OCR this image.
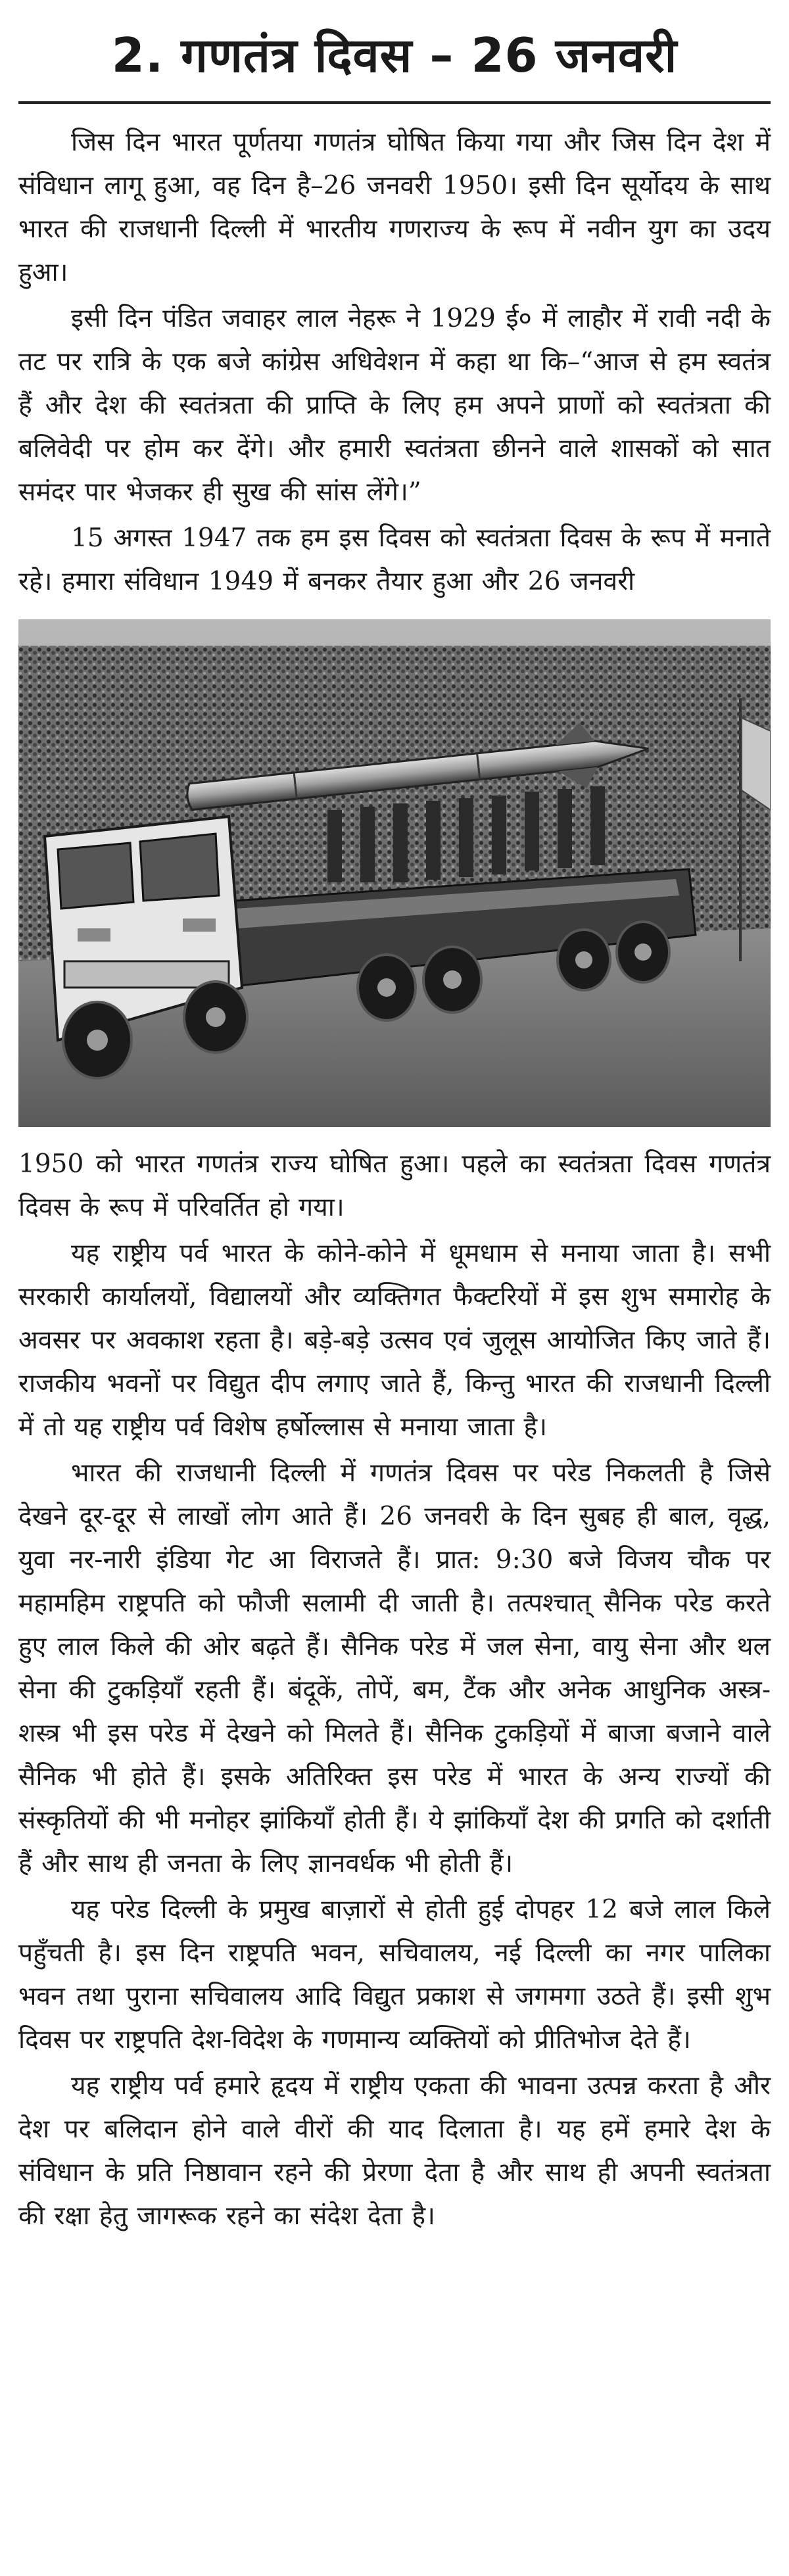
2. गणतंत्र दिवस – 26 जनवरी

जिस दिन भारत पूर्णतया गणतंत्र घोषित किया गया और जिस दिन देश में संविधान लागू हुआ, वह दिन है–26 जनवरी 1950। इसी दिन सूर्योदय के साथ भारत की राजधानी दिल्ली में भारतीय गणराज्य के रूप में नवीन युग का उदय हुआ।

इसी दिन पंडित जवाहर लाल नेहरू ने 1929 ई० में लाहौर में रावी नदी के तट पर रात्रि के एक बजे कांग्रेस अधिवेशन में कहा था कि–“आज से हम स्वतंत्र हैं और देश की स्वतंत्रता की प्राप्ति के लिए हम अपने प्राणों को स्वतंत्रता की बलिवेदी पर होम कर देंगे। और हमारी स्वतंत्रता छीनने वाले शासकों को सात समंदर पार भेजकर ही सुख की सांस लेंगे।”

15 अगस्त 1947 तक हम इस दिवस को स्वतंत्रता दिवस के रूप में मनाते रहे। हमारा संविधान 1949 में बनकर तैयार हुआ और 26 जनवरी

1950 को भारत गणतंत्र राज्य घोषित हुआ। पहले का स्वतंत्रता दिवस गणतंत्र दिवस के रूप में परिवर्तित हो गया।

यह राष्ट्रीय पर्व भारत के कोने-कोने में धूमधाम से मनाया जाता है। सभी सरकारी कार्यालयों, विद्यालयों और व्यक्तिगत फैक्टरियों में इस शुभ समारोह के अवसर पर अवकाश रहता है। बड़े-बड़े उत्सव एवं जुलूस आयोजित किए जाते हैं। राजकीय भवनों पर विद्युत दीप लगाए जाते हैं, किन्तु भारत की राजधानी दिल्ली में तो यह राष्ट्रीय पर्व विशेष हर्षोल्लास से मनाया जाता है।

भारत की राजधानी दिल्ली में गणतंत्र दिवस पर परेड निकलती है जिसे देखने दूर-दूर से लाखों लोग आते हैं। 26 जनवरी के दिन सुबह ही बाल, वृद्ध, युवा नर-नारी इंडिया गेट आ विराजते हैं। प्रात: 9:30 बजे विजय चौक पर महामहिम राष्ट्रपति को फौजी सलामी दी जाती है। तत्पश्चात् सैनिक परेड करते हुए लाल किले की ओर बढ़ते हैं। सैनिक परेड में जल सेना, वायु सेना और थल सेना की टुकड़ियाँ रहती हैं। बंदूकें, तोपें, बम, टैंक और अनेक आधुनिक अस्त्र-शस्त्र भी इस परेड में देखने को मिलते हैं। सैनिक टुकड़ियों में बाजा बजाने वाले सैनिक भी होते हैं। इसके अतिरिक्त इस परेड में भारत के अन्य राज्यों की संस्कृतियों की भी मनोहर झांकियाँ होती हैं। ये झांकियाँ देश की प्रगति को दर्शाती हैं और साथ ही जनता के लिए ज्ञानवर्धक भी होती हैं।

यह परेड दिल्ली के प्रमुख बाज़ारों से होती हुई दोपहर 12 बजे लाल किले पहुँचती है। इस दिन राष्ट्रपति भवन, सचिवालय, नई दिल्ली का नगर पालिका भवन तथा पुराना सचिवालय आदि विद्युत प्रकाश से जगमगा उठते हैं। इसी शुभ दिवस पर राष्ट्रपति देश-विदेश के गणमान्य व्यक्तियों को प्रीतिभोज देते हैं।

यह राष्ट्रीय पर्व हमारे हृदय में राष्ट्रीय एकता की भावना उत्पन्न करता है और देश पर बलिदान होने वाले वीरों की याद दिलाता है। यह हमें हमारे देश के संविधान के प्रति निष्ठावान रहने की प्रेरणा देता है और साथ ही अपनी स्वतंत्रता की रक्षा हेतु जागरूक रहने का संदेश देता है।
